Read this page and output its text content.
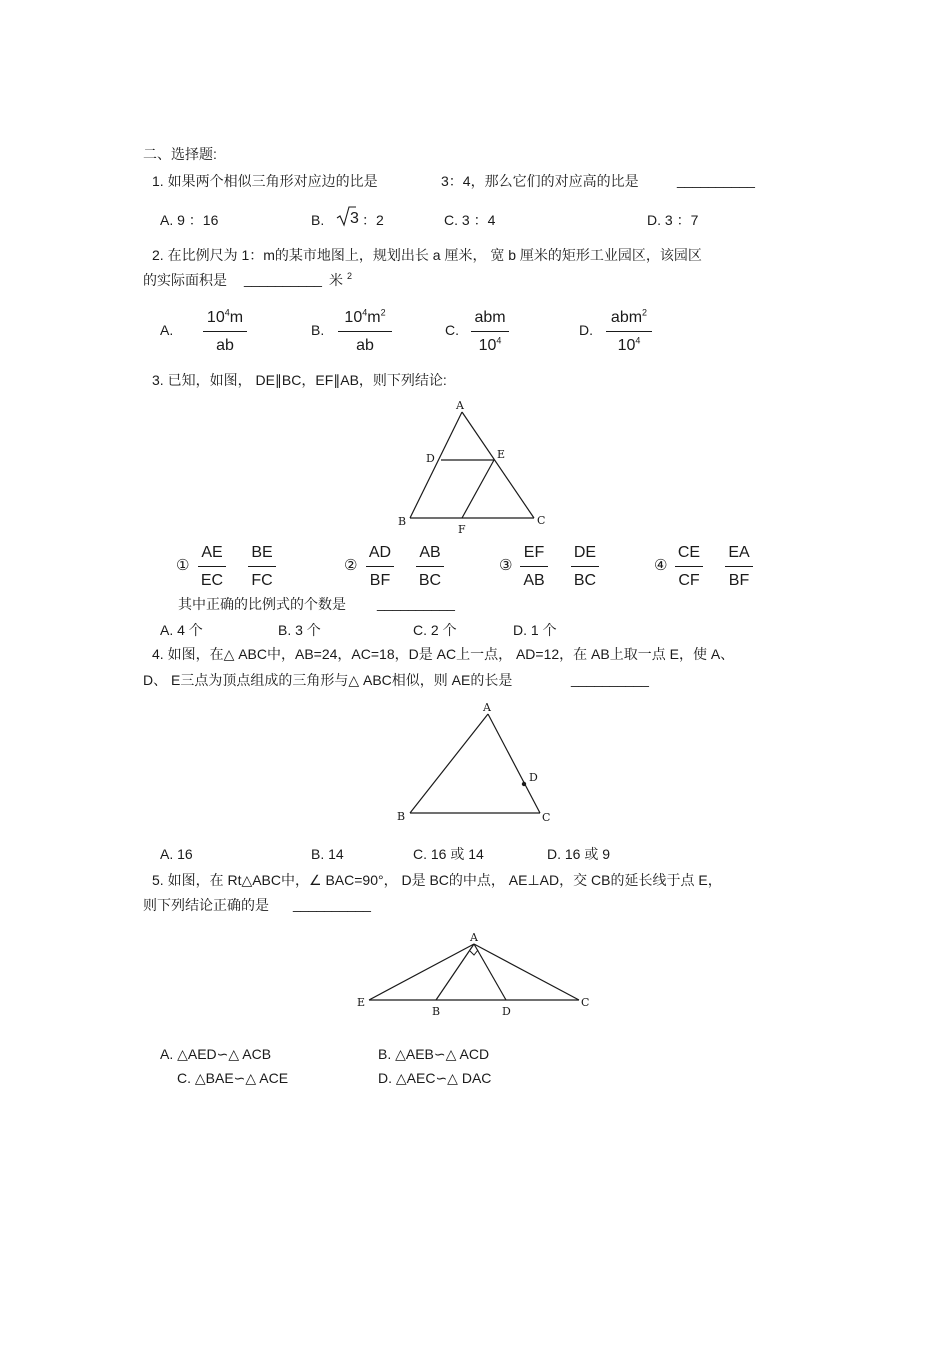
二、选择题:
1. 如果两个相似三角形对应边的比是	3：4，那么它们的对应高的比是	__________
A. 9 ：16	B. 3 ：2	C. 3 ：4	D. 3 ：7
2. 在比例尺为 1：m的某市地图上，规划出长 a 厘米， 宽 b 厘米的矩形工业园区，该园区
的实际面积是 __________ 米 $^2$
A.
$10^4m$
ab
B.
$10^4m^2$
ab
C.
abm
$10^4$
D.
abm$^2$
$10^4$
3. 已知，如图， DE∥BC，EF∥AB，则下列结论:
A
D	E
B
F
C
①
AE
EC
BE
FC
②
AD
BF
AB
BC
③
EF
AB
DE
BC
④
CE
CF
EA
BF
其中正确的比例式的个数是 __________
A. 4 个	B. 3 个	C. 2 个	D. 1 个
4. 如图，在△ ABC中，AB=24，AC=18，D是 AC上一点， AD=12，在 AB上取一点 E，使 A、
D、 E三点为顶点组成的三角形与△ ABC相似，则 AE的长是	__________
A
D
B	C
A. 16	B. 14	C. 16 或 14	D. 16 或 9
5. 如图，在 Rt△ABC中，∠ BAC=90°， D是 BC的中点， AE⊥AD，交 CB的延长线于点 E，
则下列结论正确的是 __________
A
E
B	D
C
A. △AED∽△ ACB	B. △AEB∽△ ACD
C. △BAE∽△ ACE	D. △AEC∽△ DAC
